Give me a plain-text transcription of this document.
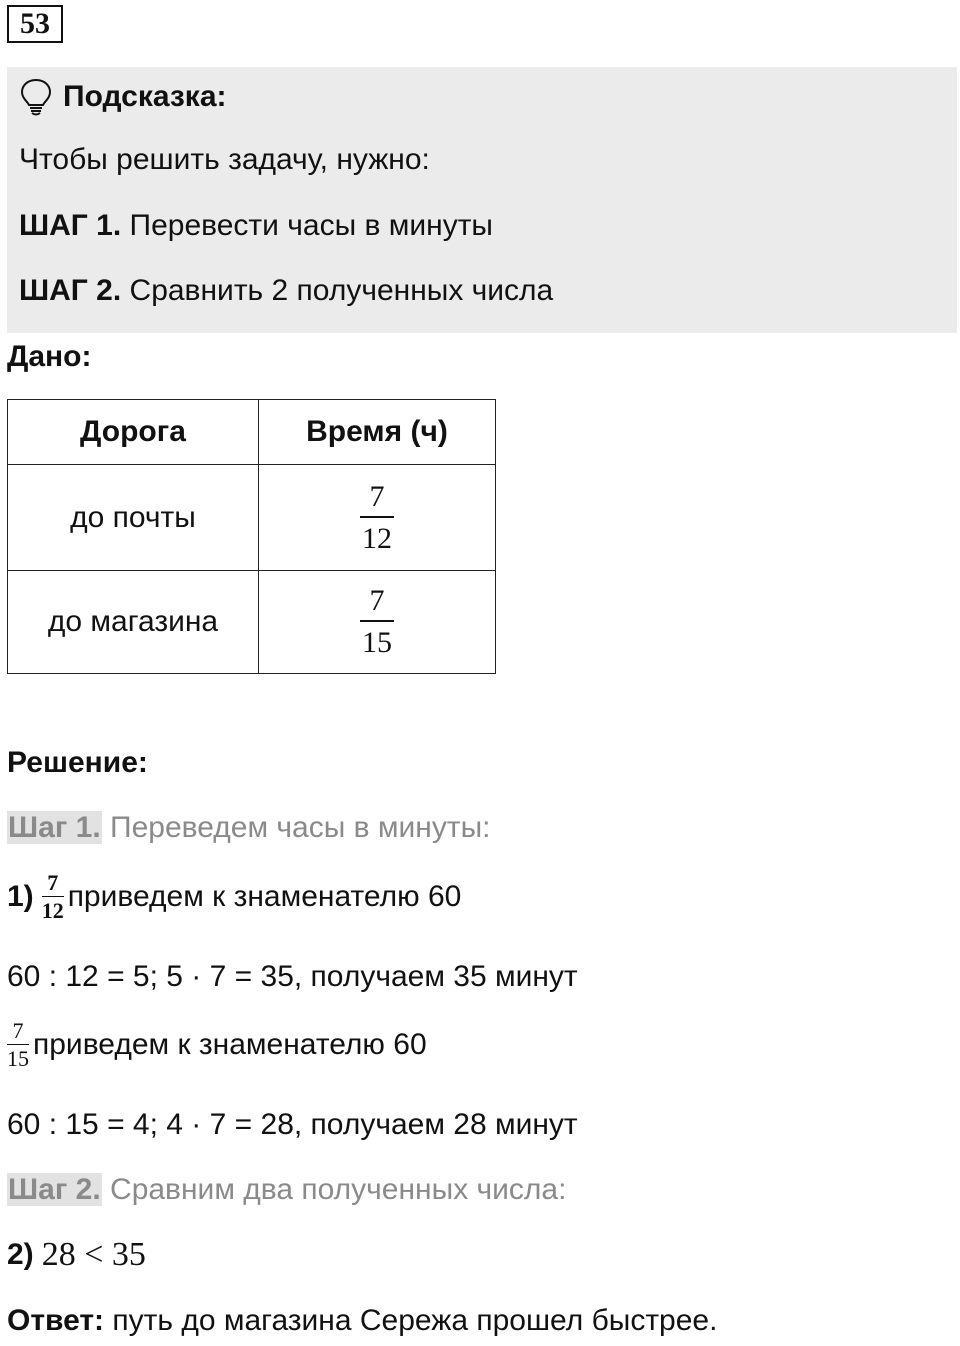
53
Подсказка:
Чтобы решить задачу, нужно:
ШАГ 1. Перевести часы в минуты
ШАГ 2. Сравнить 2 полученных числа
Дано:
Дорога	Время (ч)
до почты	$\frac{7}{12}$

до магазина	$\frac{7}{15}$
Решение:
Шаг 1. Переведем часы в минуты:
$1) \frac{7}{12}$ приведем к знаменателю 60
60 : 12 = 5; 5 · 7 = 35, получаем 35 минут
$\frac{7}{15}$ приведем к знаменателю 60
60 : 15 = 4; 4 · 7 = 28, получаем 28 минут
Шаг 2. Сравним два полученных числа:
2) 28 < 35
Ответ: путь до магазина Сережа прошел быстрее.
